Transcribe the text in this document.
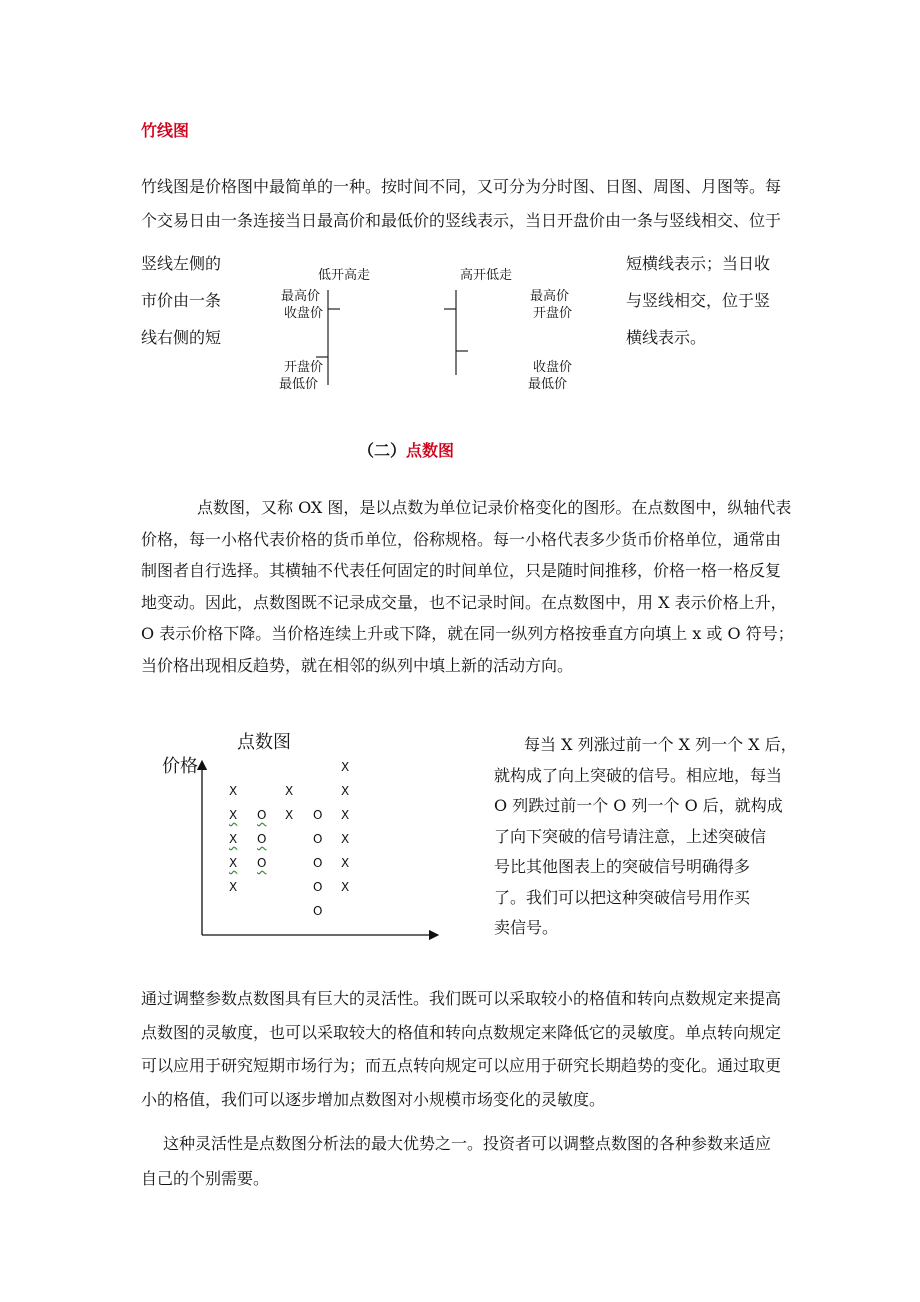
竹线图
竹线图是价格图中最简单的一种。按时间不同，又可分为分时图、日图、周图、月图等。每
个交易日由一条连接当日最高价和最低价的竖线表示，当日开盘价由一条与竖线相交、位于
竖线左侧的
市价由一条
线右侧的短
短横线表示；当日收
与竖线相交，位于竖
横线表示。
低开高走
最高价
收盘价
开盘价
最低价
高开低走
最高价
开盘价
收盘价
最低价
（二）点数图
点数图，又称 OX 图，是以点数为单位记录价格变化的图形。在点数图中，纵轴代表
价格，每一小格代表价格的货币单位，俗称规格。每一小格代表多少货币价格单位，通常由
制图者自行选择。其横轴不代表任何固定的时间单位，只是随时间推移，价格一格一格反复
地变动。因此，点数图既不记录成交量，也不记录时间。在点数图中，用 X 表示价格上升，
O 表示价格下降。当价格连续上升或下降，就在同一纵列方格按垂直方向填上 x 或 O 符号；
当价格出现相反趋势，就在相邻的纵列中填上新的活动方向。
点数图
价格
X
X
X
X
X
O
O
O
X
X O
O
O
O
O
X
X
X
X
X
X
每当 X 列涨过前一个 X 列一个 X 后，
就构成了向上突破的信号。相应地，每当
O 列跌过前一个 O 列一个 O 后，就构成
了向下突破的信号请注意，上述突破信
号比其他图表上的突破信号明确得多
了。我们可以把这种突破信号用作买
卖信号。
通过调整参数点数图具有巨大的灵活性。我们既可以采取较小的格值和转向点数规定来提高
点数图的灵敏度，也可以采取较大的格值和转向点数规定来降低它的灵敏度。单点转向规定
可以应用于研究短期市场行为；而五点转向规定可以应用于研究长期趋势的变化。通过取更
小的格值，我们可以逐步增加点数图对小规模市场变化的灵敏度。
这种灵活性是点数图分析法的最大优势之一。投资者可以调整点数图的各种参数来适应
自己的个别需要。
